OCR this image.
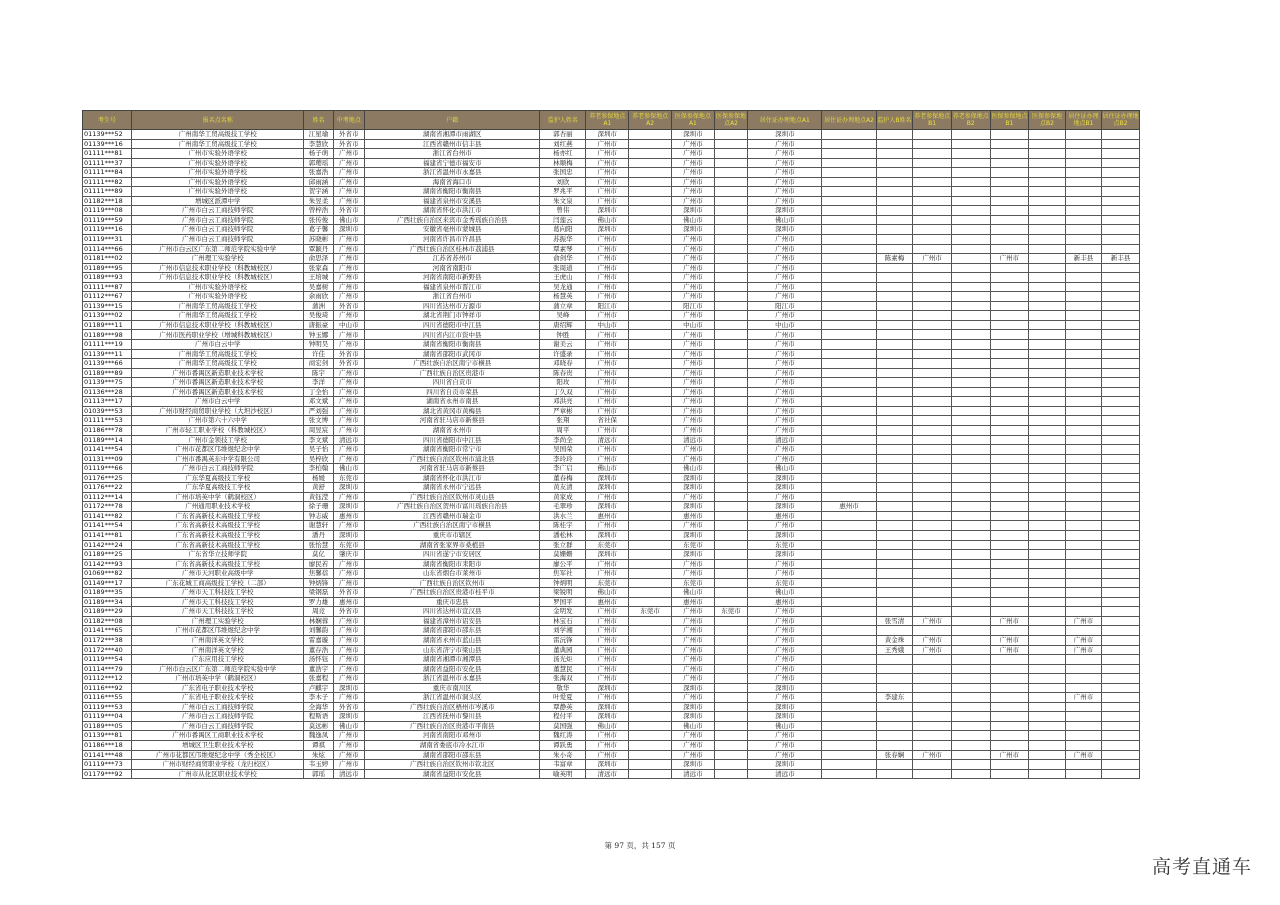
考生号	报名点名称	姓名	中考地点	户籍	监护人姓名	养老参保地点A1	养老参保地点A2	医保参保地点A1	医保参保地点A2	居住证办理地点A1	居住证办理地点A2	监护人B姓名	养老参保地点B1	养老参保地点B2	医保参保地点B1	医保参保地点B2	居住证办理地点B1	居住证办理地点B2
01139***52	广州南华工贸高级技工学校	江星瑜	外省市	湖南省湘潭市雨湖区	郭杏丽	深圳市		深圳市		深圳市								
01139***16	广州南华工贸高级技工学校	李慧欣	外省市	江西省赣州市信丰县	刘红燕	广州市		广州市		广州市								
01111***81	广州市实验外语学校	杨子萌	广州市	浙江省台州市	杨亦红	广州市		广州市		广州市								
01111***37	广州市实验外语学校	郭璎瑶	广州市	福建省宁德市福安市	林顺梅	广州市		广州市		广州市								
01111***84	广州市实验外语学校	张嘉浩	广州市	浙江省温州市永嘉县	张国忠	广州市		广州市		广州市								
01111***82	广州市实验外语学校	邱雨涵	广州市	海南省海口市	刘欣	广州市		广州市		广州市								
01111***89	广州市实验外语学校	贺宇涵	广州市	湖南省衡阳市衡南县	罗兆平	广州市		广州市		广州市								
01182***18	增城区派潭中学	朱昱柔	广州市	福建省泉州市安溪县	朱文泉	广州市		广州市		广州市								
01119***08	广州市白云工商技师学院	曾梓浩	外省市	湖南省怀化市洪江市	曾伟	深圳市		深圳市		深圳市								
01119***59	广州市白云工商技师学院	张传俊	佛山市	广西壮族自治区来宾市金秀瑶族自治县	闫莲云	佛山市		佛山市		佛山市								
01119***16	广州市白云工商技师学院	葛子馨	深圳市	安徽省亳州市蒙城县	葛向阳	深圳市		深圳市		深圳市								
01119***31	广州市白云工商技师学院	苏晓彬	广州市	河南省许昌市许昌县	苏振华	广州市		广州市		广州市								
01114***66	广州市白云区广东第二师范学院实验中学	覃颖丹	广州市	广西壮族自治区桂林市荔浦县	覃素琴	广州市		广州市		广州市								
01181***02	广州理工实验学校	俞思泽	广州市	江苏省苏州市	俞剑华	广州市		广州市		广州市		陈素梅	广州市		广州市		新丰县	新丰县
01189***95	广州市信息技术职业学校（科教城校区）	张家森	广州市	河南省南阳市	张周道	广州市		广州市		广州市								
01189***93	广州市信息技术职业学校（科教城校区）	王培城	广州市	河南省南阳市新野县	王虎山	广州市		广州市		广州市								
01111***87	广州市实验外语学校	吴嘉树	广州市	福建省泉州市晋江市	吴龙通	广州市		广州市		广州市								
01112***67	广州市实验外语学校	余雨欣	广州市	浙江省台州市	杨慧英	广州市		广州市		广州市								
01139***15	广州南华工贸高级技工学校	蒲洲	外省市	四川省达州市万源市	蒲立章	阳江市		阳江市		阳江市								
01139***02	广州南华工贸高级技工学校	吴俊琦	广州市	湖北省荆门市钟祥市	吴峰	广州市		广州市		广州市								
01189***11	广州市信息技术职业学校（科教城校区）	唐振豪	中山市	四川省德阳市中江县	唐绍辉	中山市		中山市		中山市								
01189***98	广州市医药职业学校（增城科教城校区）	钟玉娜	广州市	四川省内江市资中县	钟胜	广州市		广州市		广州市								
01111***19	广州市白云中学	钟明昊	广州市	湖南省衡阳市衡南县	谢美云	广州市		广州市		广州市								
01139***11	广州南华工贸高级技工学校	许佳	外省市	湖南省邵阳市武冈市	许盛录	广州市		广州市		广州市								
01139***66	广州南华工贸高级技工学校	商宏剑	外省市	广西壮族自治区南宁市横县	邓晓春	广州市		广州市		广州市								
01189***89	广州市番禺区新造职业技术学校	陈宇	广州市	广西壮族自治区贵港市	陈春贵	广州市		广州市		广州市								
01139***75	广州市番禺区新造职业技术学校	李洋	广州市	四川省自贡市	阳玫	广州市		广州市		广州市								
01136***28	广州市番禺区新造职业技术学校	丁全怡	广州市	四川省自贡市荣县	丁久双	广州市		广州市		广州市								
01113***17	广州市白云中学	邓文斌	广州市	湖南省永州市南县	邓洪亮	广州市		广州市		广州市								
01039***53	广州市财经商贸职业学校（大坦沙校区）	严刘强	广州市	湖北省黄冈市黄梅县	严章彬	广州市		广州市		广州市								
01111***53	广州市第六十六中学	张文博	广州市	河南省驻马店市新蔡县	张翔	省社保		广州市		广州市								
01186***78	广州市轻工职业学校（科教城校区）	周昱宸	广州市	湖南省永州市	周平	广州市		广州市		广州市								
01189***14	广州市金领技工学校	李文斌	清远市	四川省德阳市中江县	李尚全	清远市		清远市		清远市								
01141***54	广州市花都区邝维煜纪念中学	吴子怡	广州市	湖南省衡阳市常宁市	吴国荣	广州市		广州市		广州市								
01131***09	广州市番禺英东中学有限公司	吴梓欣	广州市	广西壮族自治区钦州市浦北县	李玲玲	广州市		广州市		广州市								
01119***66	广州市白云工商技师学院	李柏翰	佛山市	河南省驻马店市新蔡县	李广启	佛山市		佛山市		佛山市								
01176***25	广东华夏高级技工学校	杨媛	东莞市	湖南省怀化市洪江市	董春梅	深圳市		深圳市		深圳市								
01176***22	广东华夏高级技工学校	黄舒	深圳市	湖南省永州市宁远县	黄友清	深圳市		深圳市		深圳市								
01112***14	广州市培英中学（鹤洞校区）	黄钰滢	广州市	广西壮族自治区钦州市灵山县	黄家成	广州市		广州市		广州市								
01172***78	广州通用职业技术学校	徐子珊	深圳市	广西壮族自治区贺州市富川瑶族自治县	毛翠珍	深圳市		深圳市		深圳市	惠州市							
01141***82	广东省高新技术高级技工学校	钟志威	惠州市	江西省赣州市瑞金市	洪水兰	惠州市		惠州市		惠州市								
01141***54	广东省高新技术高级技工学校	谢慧轩	广州市	广西壮族自治区南宁市横县	陈桂宇	广州市		广州市		广州市								
01141***81	广东省高新技术高级技工学校	潘丹	深圳市	重庆市市辖区	潘松林	深圳市		深圳市		深圳市								
01142***24	广东省高新技术高级技工学校	张怡慧	东莞市	湖南省张家界市桑植县	张立群	东莞市		东莞市		东莞市								
01189***25	广东省华立技师学院	莫亿	肇庆市	四川省遂宁市安居区	莫姗姗	深圳市		深圳市		深圳市								
01142***93	广东省高新技术高级技工学校	廖民若	广州市	湖南省衡阳市耒阳市	廖公平	广州市		广州市		广州市								
01069***82	广州市天河职业高级中学	焦馨蓓	广州市	山东省烟台市莱州市	焦军社	广州市		广州市		广州市								
01149***17	广东花城工商高级技工学校（二部）	钟炳锋	广州市	广西壮族自治区钦州市	钟炳明	东莞市		东莞市		东莞市								
01189***35	广州市天工科技技工学校	梁钢磊	外省市	广西壮族自治区贵港市桂平市	梁锐明	佛山市		佛山市		佛山市								
01189***34	广州市天工科技技工学校	罗力雄	惠州市	重庆市忠县	罗国平	惠州市		惠州市		惠州市								
01189***29	广州市天工科技技工学校	周竞	外省市	四川省达州市宣汉县	金明发	广州市	东莞市	广州市	东莞市	广州市								
01182***08	广州理工实验学校	林娴蓉	广州市	福建省漳州市诏安县	林宝石	广州市		广州市		广州市		张雪清	广州市		广州市		广州市	
01141***65	广州市花都区邝维煜纪念中学	刘馨韵	广州市	湖南省邵阳市邵东县	刘学湘	广州市		广州市		广州市								
01172***38	广州南洋英文学校	雷嘉璇	广州市	湖南省永州市蓝山县	雷沅锋	广州市		广州市		广州市		黄金珠	广州市		广州市		广州市	
01172***40	广州南洋英文学校	董存浩	广州市	山东省济宁市梁山县	董典园	广州市		广州市		广州市		王秀娥	广州市		广州市		广州市	
01119***54	广东应用技工学校	汤怀钰	广州市	湖南省湘潭市湘潭县	汤光炬	广州市		广州市		广州市								
01114***79	广州市白云区广东第二师范学院实验中学	董浩宇	广州市	湖南省益阳市安化县	董慧民	广州市		广州市		广州市								
01112***12	广州市培英中学（鹤洞校区）	张嘉程	广州市	浙江省温州市永嘉县	张海双	广州市		广州市		广州市								
01116***92	广东省电子职业技术学校	卢麒宇	深圳市	重庆市南川区	敬华	深圳市		深圳市		深圳市								
01116***55	广东省电子职业技术学校	李木子	广州市	浙江省温州市洞头区	叶爱夏	广州市		广州市		广州市		李建东					广州市	
01119***53	广州市白云工商技师学院	全海华	外省市	广西壮族自治区梧州市岑溪市	覃静英	深圳市		深圳市		深圳市								
01119***04	广州市白云工商技师学院	程斯语	深圳市	江西省抚州市黎川县	程付平	深圳市		深圳市		深圳市								
01189***05	广州市白云工商技师学院	莫远彬	佛山市	广西壮族自治区贵港市平南县	莫国强	佛山市		佛山市		佛山市								
01139***81	广州市番禺区工商职业技术学校	魏逸凤	广州市	河南省南阳市邓州市	魏红涛	广州市		广州市		广州市								
01186***18	增城区卫生职业技术学校	谭祺	广州市	湖南省娄底市冷水江市	谭跃勇	广州市		广州市		广州市								
01141***48	广州市花都区邝维煜纪念中学（秀全校区）	朱炫	广州市	湖南省邵阳市邵东县	朱小奇	广州市		广州市		广州市		张春娴	广州市		广州市		广州市	
01119***73	广州市财经商贸职业学校（龙归校区）	韦玉婷	广州市	广西壮族自治区钦州市钦北区	韦富章	深圳市		深圳市		深圳市								
01179***92	广州市从化区职业技术学校	郭瑶	清远市	湖南省益阳市安化县	喻英明	清远市		清远市		清远市								
第 97 页，共 157 页
高考直通车
